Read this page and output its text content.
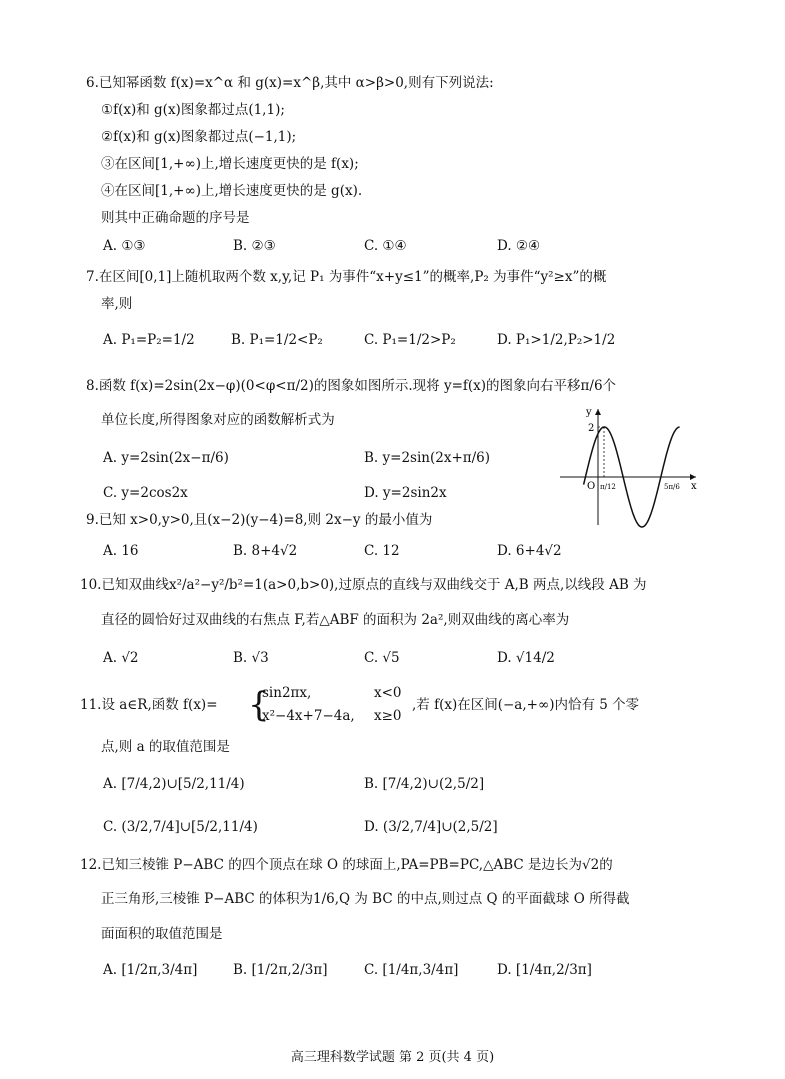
6.已知幂函数 f(x)=x^α 和 g(x)=x^β,其中 α>β>0,则有下列说法:
①f(x)和 g(x)图象都过点(1,1);
②f(x)和 g(x)图象都过点(−1,1);
③在区间[1,+∞)上,增长速度更快的是 f(x);
④在区间[1,+∞)上,增长速度更快的是 g(x).
则其中正确命题的序号是
A. ①③	B. ②③	C. ①④	D. ②④
7.在区间[0,1]上随机取两个数 x,y,记 P₁ 为事件“x+y≤1”的概率,P₂ 为事件“y²≥x”的概
率,则
A. P₁=P₂=1/2	B. P₁=1/2<P₂	C. P₁=1/2>P₂	D. P₁>1/2,P₂>1/2
8.函数 f(x)=2sin(2x−φ)(0<φ<π/2)的图象如图所示.现将 y=f(x)的图象向右平移π/6个
单位长度,所得图象对应的函数解析式为
A. y=2sin(2x−π/6)	B. y=2sin(2x+π/6)
C. y=2cos2x	D. y=2sin2x
y
x
O
2
π/12	5π/6
9.已知 x>0,y>0,且(x−2)(y−4)=8,则 2x−y 的最小值为
A. 16	B. 8+4√2	C. 12	D. 6+4√2
10.已知双曲线x²/a²−y²/b²=1(a>0,b>0),过原点的直线与双曲线交于 A,B 两点,以线段 AB 为
直径的圆恰好过双曲线的右焦点 F,若△ABF 的面积为 2a²,则双曲线的离心率为
A. √2	B. √3	C. √5	D. √14/2
11.设 a∈R,函数 f(x)= {
sin2πx,	x<0
x²−4x+7−4a, x≥0
,若 f(x)在区间(−a,+∞)内恰有 5 个零
点,则 a 的取值范围是
A. [7/4,2)∪[5/2,11/4)	B. [7/4,2)∪(2,5/2]
C. (3/2,7/4]∪[5/2,11/4)	D. (3/2,7/4]∪(2,5/2]
12.已知三棱锥 P−ABC 的四个顶点在球 O 的球面上,PA=PB=PC,△ABC 是边长为√2的
正三角形,三棱锥 P−ABC 的体积为1/6,Q 为 BC 的中点,则过点 Q 的平面截球 O 所得截
面面积的取值范围是
A. [1/2π,3/4π]	B. [1/2π,2/3π]	C. [1/4π,3/4π]	D. [1/4π,2/3π]
高三理科数学试题 第 2 页(共 4 页)
